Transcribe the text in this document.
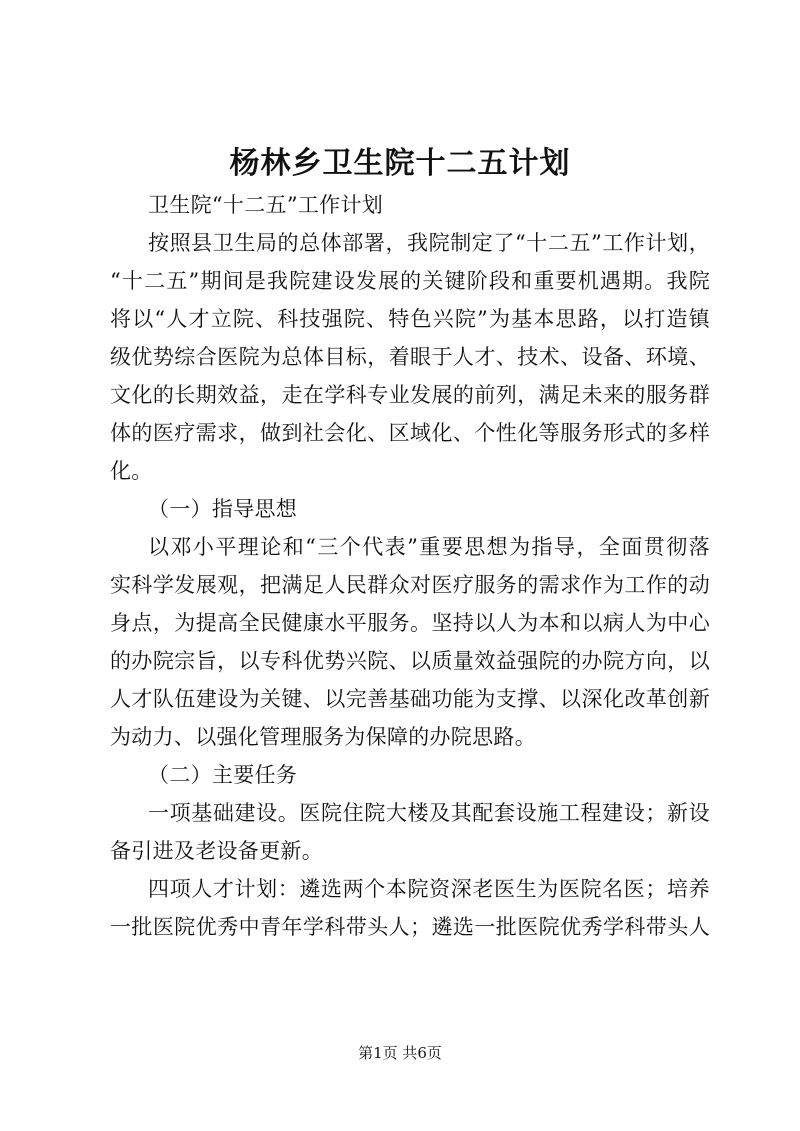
杨林乡卫生院十二五计划
卫生院“十二五”工作计划
按照县卫生局的总体部署，我院制定了“十二五”工作计划，
“十二五”期间是我院建设发展的关键阶段和重要机遇期。我院
将以“人才立院、科技强院、特色兴院”为基本思路，以打造镇
级优势综合医院为总体目标，着眼于人才、技术、设备、环境、
文化的长期效益，走在学科专业发展的前列，满足未来的服务群
体的医疗需求，做到社会化、区域化、个性化等服务形式的多样
化。
（一）指导思想
以邓小平理论和“三个代表”重要思想为指导，全面贯彻落
实科学发展观，把满足人民群众对医疗服务的需求作为工作的动
身点，为提高全民健康水平服务。坚持以人为本和以病人为中心
的办院宗旨，以专科优势兴院、以质量效益强院的办院方向，以
人才队伍建设为关键、以完善基础功能为支撑、以深化改革创新
为动力、以强化管理服务为保障的办院思路。
（二）主要任务
一项基础建设。医院住院大楼及其配套设施工程建设；新设
备引进及老设备更新。
四项人才计划：遴选两个本院资深老医生为医院名医；培养
一批医院优秀中青年学科带头人；遴选一批医院优秀学科带头人
第1页 共6页
